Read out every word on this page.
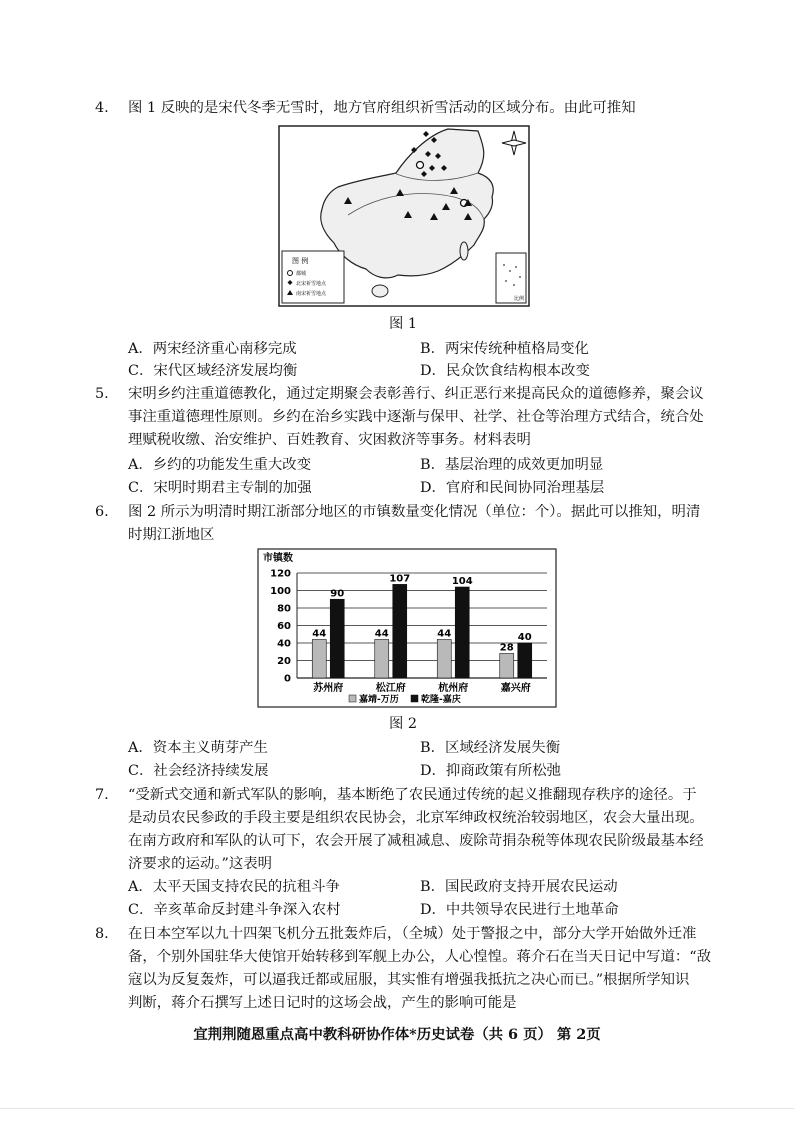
4. 图 1 反映的是宋代冬季无雪时，地方官府组织祈雪活动的区域分布。由此可推知
图 例
都城
北宋祈雪地点
南宋祈雪地点
比例
图 1
A．两宋经济重心南移完成	B．两宋传统种植格局变化
C．宋代区域经济发展均衡	D．民众饮食结构根本改变
5. 宋明乡约注重道德教化，通过定期聚会表彰善行、纠正恶行来提高民众的道德修养，聚会议
事注重道德理性原则。乡约在治乡实践中逐渐与保甲、社学、社仓等治理方式结合，统合处
理赋税收缴、治安维护、百姓教育、灾困救济等事务。材料表明
A．乡约的功能发生重大改变	B．基层治理的成效更加明显
C．宋明时期君主专制的加强	D．官府和民间协同治理基层
6. 图 2 所示为明清时期江浙部分地区的市镇数量变化情况（单位：个）。据此可以推知，明清
时期江浙地区
市镇数
0
20
40
60
80
100
120
44
90
44
107
44
104
28
40
苏州府	松江府	杭州府	嘉兴府
嘉靖-万历 乾隆-嘉庆
图 2
A．资本主义萌芽产生	B．区域经济发展失衡
C．社会经济持续发展	D．抑商政策有所松弛
7. “受新式交通和新式军队的影响，基本断绝了农民通过传统的起义推翻现存秩序的途径。于
是动员农民参政的手段主要是组织农民协会，北京军绅政权统治较弱地区，农会大量出现。
在南方政府和军队的认可下，农会开展了减租减息、废除苛捐杂税等体现农民阶级最基本经
济要求的运动。”这表明
A．太平天国支持农民的抗租斗争	B．国民政府支持开展农民运动
C．辛亥革命反封建斗争深入农村	D．中共领导农民进行土地革命
8. 在日本空军以九十四架飞机分五批轰炸后，（全城）处于警报之中，部分大学开始做外迁准
备，个别外国驻华大使馆开始转移到军舰上办公，人心惶惶。蒋介石在当天日记中写道：“敌
寇以为反复轰炸，可以逼我迁都或屈服，其实惟有增强我抵抗之决心而已。”根据所学知识
判断，蒋介石撰写上述日记时的这场会战，产生的影响可能是
宜荆荆随恩重点高中教科研协作体*历史试卷（共 6 页） 第 2页
